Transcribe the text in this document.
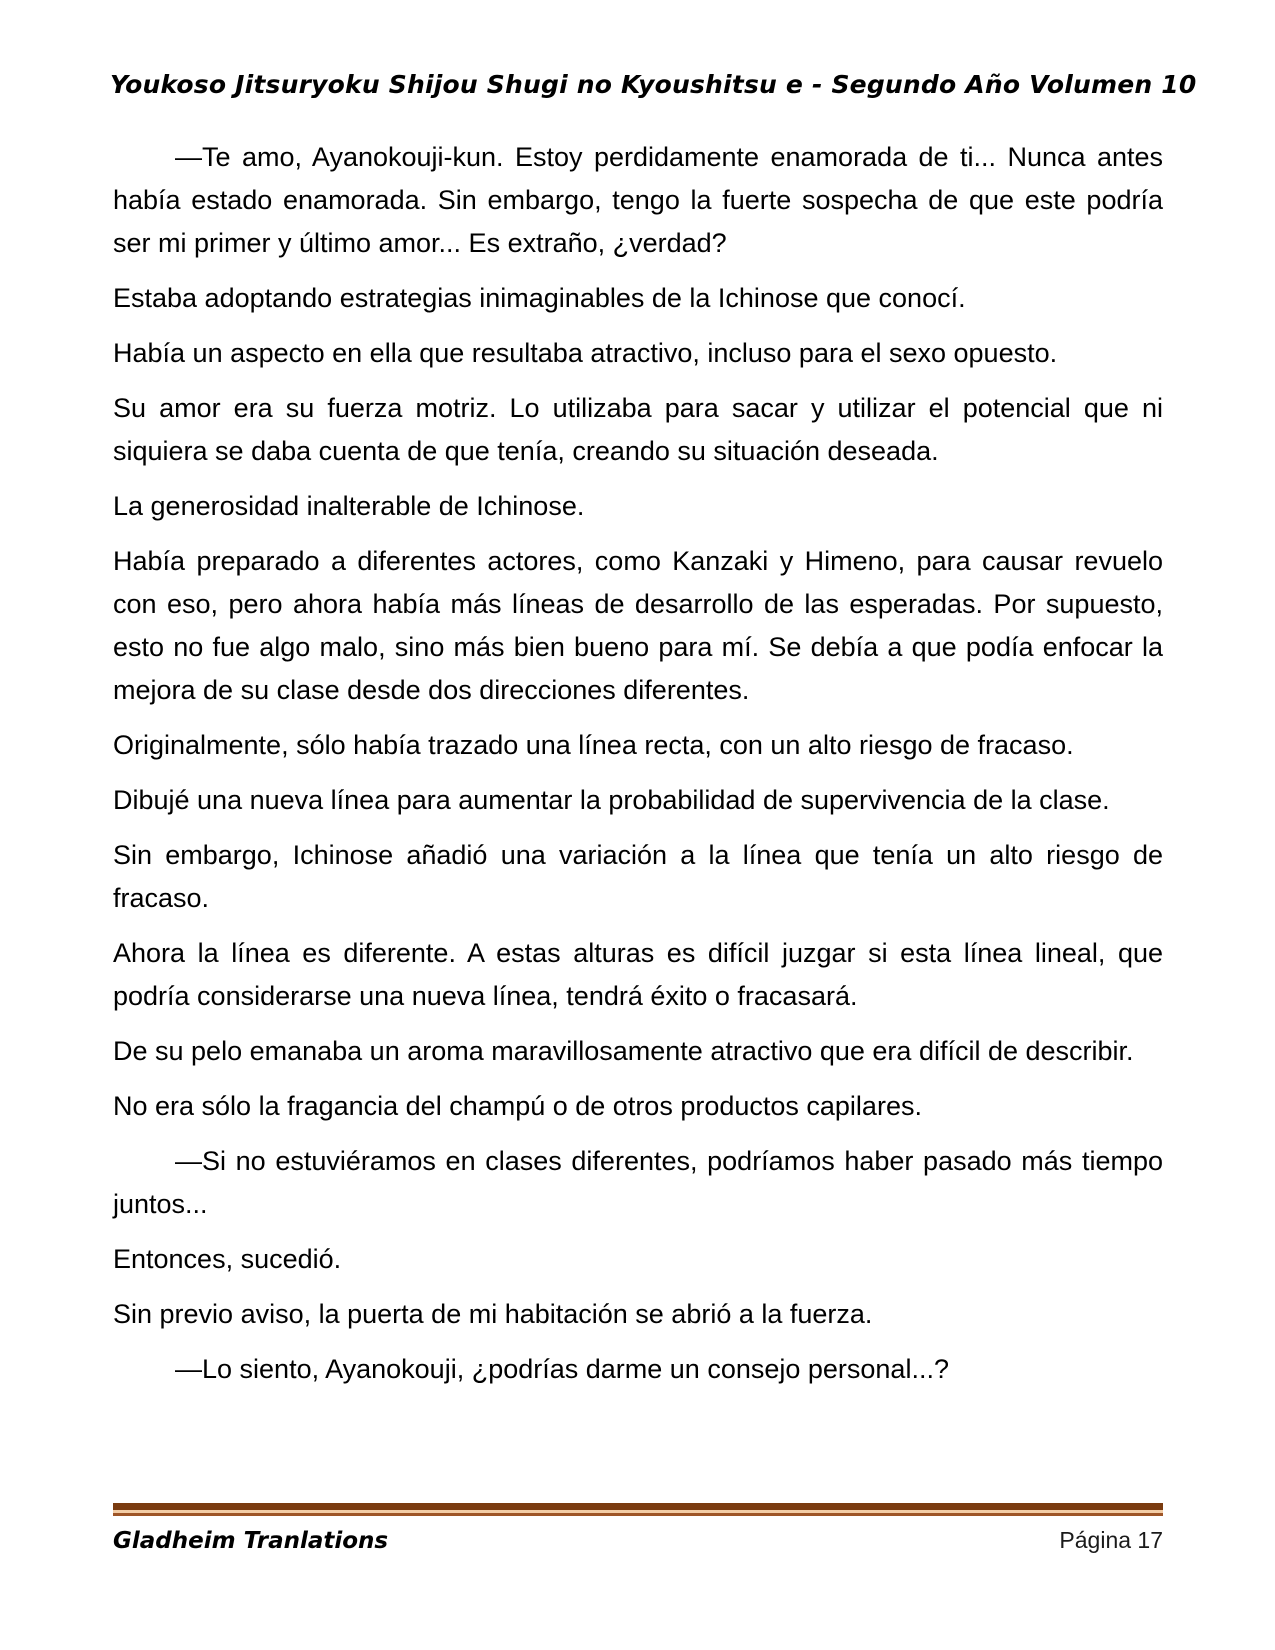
Youkoso Jitsuryoku Shijou Shugi no Kyoushitsu e - Segundo Año Volumen 10

—Te amo, Ayanokouji-kun. Estoy perdidamente enamorada de ti... Nunca antes había estado enamorada. Sin embargo, tengo la fuerte sospecha de que este podría ser mi primer y último amor... Es extraño, ¿verdad?

Estaba adoptando estrategias inimaginables de la Ichinose que conocí.

Había un aspecto en ella que resultaba atractivo, incluso para el sexo opuesto.

Su amor era su fuerza motriz. Lo utilizaba para sacar y utilizar el potencial que ni siquiera se daba cuenta de que tenía, creando su situación deseada.

La generosidad inalterable de Ichinose.

Había preparado a diferentes actores, como Kanzaki y Himeno, para causar revuelo con eso, pero ahora había más líneas de desarrollo de las esperadas. Por supuesto, esto no fue algo malo, sino más bien bueno para mí. Se debía a que podía enfocar la mejora de su clase desde dos direcciones diferentes.

Originalmente, sólo había trazado una línea recta, con un alto riesgo de fracaso.

Dibujé una nueva línea para aumentar la probabilidad de supervivencia de la clase.

Sin embargo, Ichinose añadió una variación a la línea que tenía un alto riesgo de fracaso.

Ahora la línea es diferente. A estas alturas es difícil juzgar si esta línea lineal, que podría considerarse una nueva línea, tendrá éxito o fracasará.

De su pelo emanaba un aroma maravillosamente atractivo que era difícil de describir.

No era sólo la fragancia del champú o de otros productos capilares.

—Si no estuviéramos en clases diferentes, podríamos haber pasado más tiempo juntos...

Entonces, sucedió.

Sin previo aviso, la puerta de mi habitación se abrió a la fuerza.

—Lo siento, Ayanokouji, ¿podrías darme un consejo personal...?

Gladheim Tranlations	Página 17
